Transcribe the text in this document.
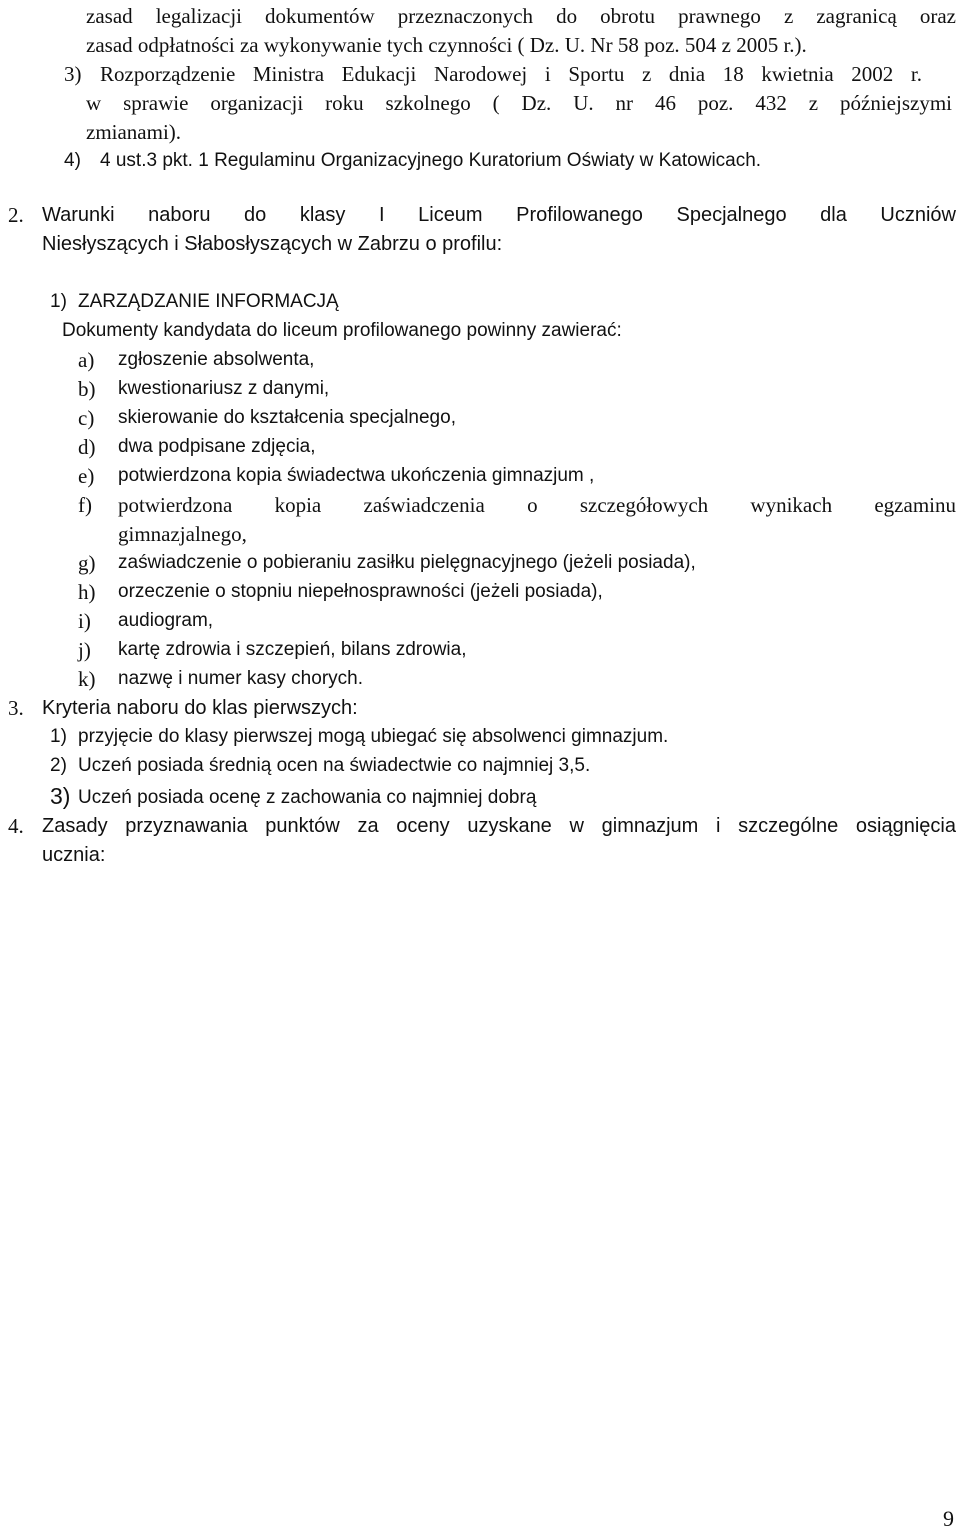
zasad legalizacji dokumentów przeznaczonych do obrotu prawnego z zagranicą oraz
zasad odpłatności za wykonywanie tych czynności ( Dz. U. Nr 58 poz. 504 z 2005 r.).
3) Rozporządzenie Ministra Edukacji Narodowej i Sportu z dnia 18 kwietnia 2002 r.
w sprawie organizacji roku szkolnego ( Dz. U. nr 46 poz. 432 z późniejszymi
zmianami).
4) 4 ust.3 pkt. 1 Regulaminu Organizacyjnego Kuratorium Oświaty w Katowicach.
2. Warunki naboru do klasy I Liceum Profilowanego Specjalnego dla Uczniów
Niesłyszących i Słabosłyszących w Zabrzu o profilu:
1) ZARZĄDZANIE INFORMACJĄ
Dokumenty kandydata do liceum profilowanego powinny zawierać:
a) zgłoszenie absolwenta,
b) kwestionariusz z danymi,
c) skierowanie do kształcenia specjalnego,
d) dwa podpisane zdjęcia,
e) potwierdzona kopia świadectwa ukończenia gimnazjum ,
f) potwierdzona kopia zaświadczenia o szczegółowych wynikach egzaminu
gimnazjalnego,
g) zaświadczenie o pobieraniu zasiłku pielęgnacyjnego (jeżeli posiada),
h) orzeczenie o stopniu niepełnosprawności (jeżeli posiada),
i) audiogram,
j) kartę zdrowia i szczepień, bilans zdrowia,
k) nazwę i numer kasy chorych.
3. Kryteria naboru do klas pierwszych:
1) przyjęcie do klasy pierwszej mogą ubiegać się absolwenci gimnazjum.
2) Uczeń posiada średnią ocen na świadectwie co najmniej 3,5.
3) Uczeń posiada ocenę z zachowania co najmniej dobrą
4. Zasady przyznawania punktów za oceny uzyskane w gimnazjum i szczególne osiągnięcia
ucznia:
9
